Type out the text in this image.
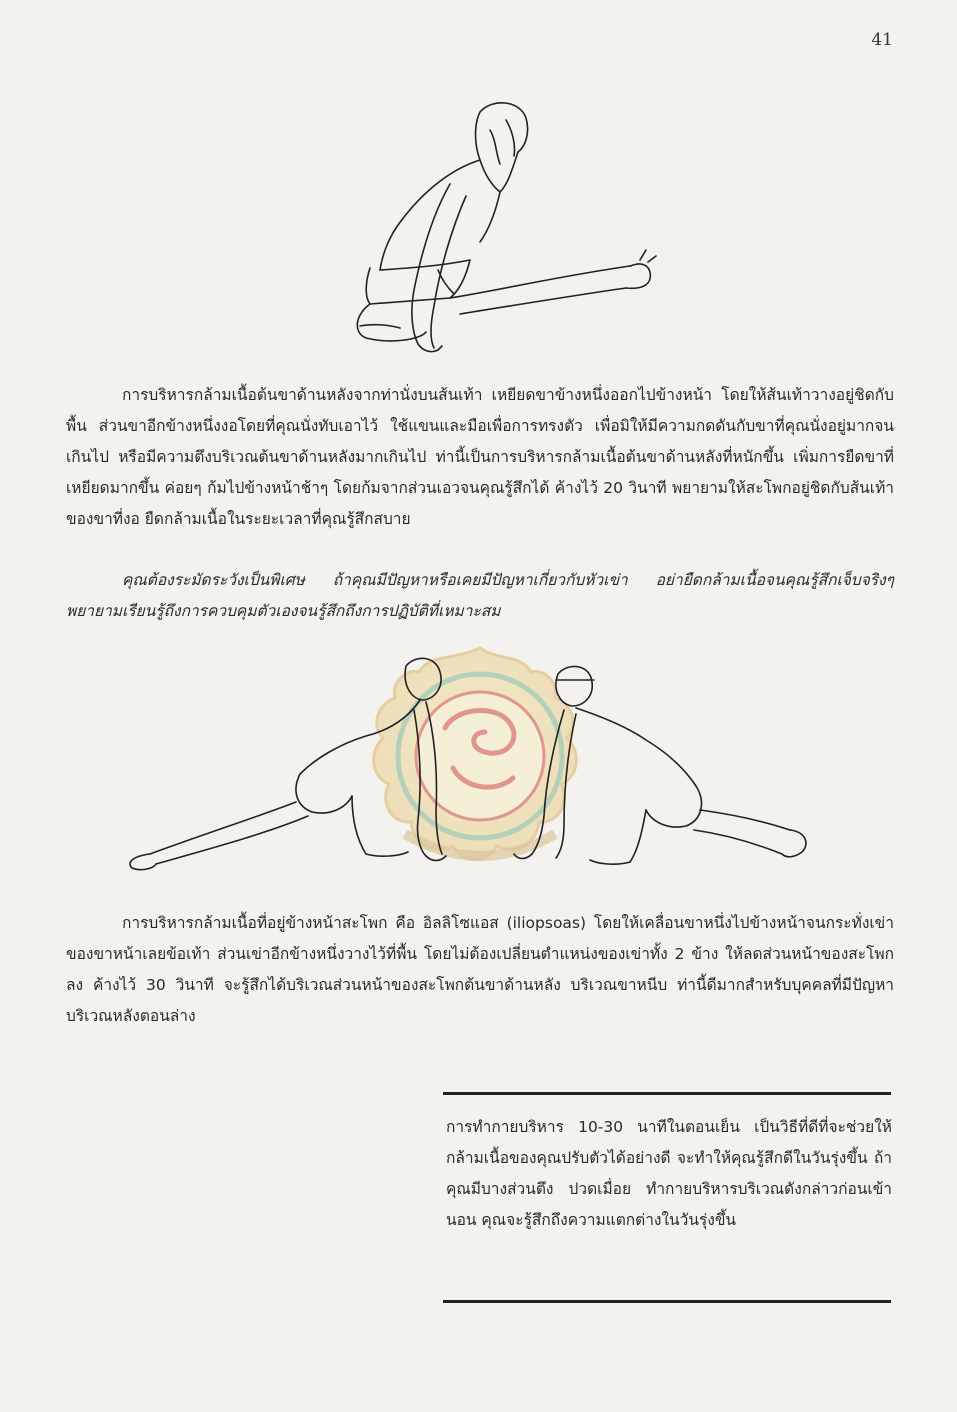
41

การบริหารกล้ามเนื้อต้นขาด้านหลังจากท่านั่งบนส้นเท้า เหยียดขาข้างหนึ่งออกไปข้างหน้า โดยให้ส้นเท้าวางอยู่ชิดกับพื้น ส่วนขาอีกข้างหนึ่งงอโดยที่คุณนั่งทับเอาไว้ ใช้แขนและมือเพื่อการทรงตัว เพื่อมิให้มีความกดดันกับขาที่คุณนั่งอยู่มากจนเกินไป หรือมีความตึงบริเวณต้นขาด้านหลังมากเกินไป ท่านี้เป็นการบริหารกล้ามเนื้อต้นขาด้านหลังที่หนักขึ้น เพิ่มการยืดขาที่เหยียดมากขึ้น ค่อยๆ ก้มไปข้างหน้าช้าๆ โดยก้มจากส่วนเอวจนคุณรู้สึกได้ ค้างไว้ 20 วินาที พยายามให้สะโพกอยู่ชิดกับส้นเท้าของขาที่งอ ยืดกล้ามเนื้อในระยะเวลาที่คุณรู้สึกสบาย

คุณต้องระมัดระวังเป็นพิเศษ ถ้าคุณมีปัญหาหรือเคยมีปัญหาเกี่ยวกับหัวเข่า อย่ายืดกล้ามเนื้อจนคุณรู้สึกเจ็บจริงๆ พยายามเรียนรู้ถึงการควบคุมตัวเองจนรู้สึกถึงการปฏิบัติที่เหมาะสม

การบริหารกล้ามเนื้อที่อยู่ข้างหน้าสะโพก คือ อิลลิโซแอส (iliopsoas) โดยให้เคลื่อนขาหนึ่งไปข้างหน้าจนกระทั่งเข่าของขาหน้าเลยข้อเท้า ส่วนเข่าอีกข้างหนึ่งวางไว้ที่พื้น โดยไม่ต้องเปลี่ยนตำแหน่งของเข่าทั้ง 2 ข้าง ให้ลดส่วนหน้าของสะโพกลง ค้างไว้ 30 วินาที จะรู้สึกได้บริเวณส่วนหน้าของสะโพกต้นขาด้านหลัง บริเวณขาหนีบ ท่านี้ดีมากสำหรับบุคคลที่มีปัญหาบริเวณหลังตอนล่าง

การทำกายบริหาร 10-30 นาทีในตอนเย็น เป็นวิธีที่ดีที่จะช่วยให้กล้ามเนื้อของคุณปรับตัวได้อย่างดี จะทำให้คุณรู้สึกดีในวันรุ่งขึ้น ถ้าคุณมีบางส่วนตึง ปวดเมื่อย ทำกายบริหารบริเวณดังกล่าวก่อนเข้านอน คุณจะรู้สึกถึงความแตกต่างในวันรุ่งขึ้น
